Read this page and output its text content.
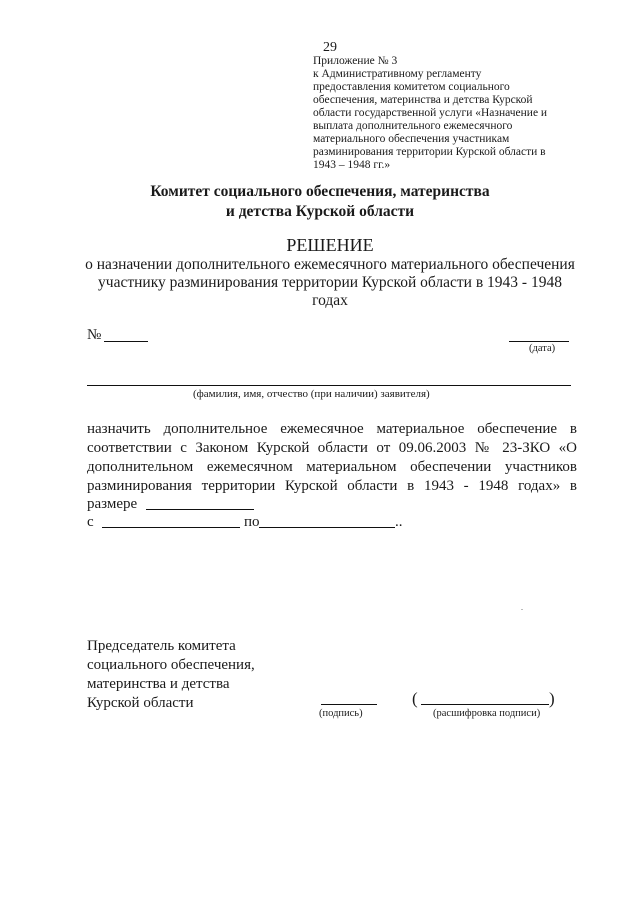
29
Приложение № 3
к Административному регламенту
предоставления комитетом социального
обеспечения, материнства и детства Курской
области государственной услуги «Назначение и
выплата дополнительного ежемесячного
материального обеспечения участникам
разминирования территории Курской области в
1943 – 1948 гг.»
Комитет социального обеспечения, материнства
и детства Курской области
РЕШЕНИЕ
о назначении дополнительного ежемесячного материального обеспечения
участнику разминирования территории Курской области в 1943 - 1948
годах
№
(дата)
(фамилия, имя, отчество (при наличии) заявителя)
назначить дополнительное ежемесячное материальное обеспечение в
соответствии с Законом Курской области от 09.06.2003 № 23-ЗКО «О
дополнительном ежемесячном материальном обеспечении участников
разминирования территории Курской области в 1943 - 1948 годах» в
размере
с	по	..
Председатель комитета
социального обеспечения,
материнства и детства
Курской области
(подпись)
(	)
(расшифровка подписи)
